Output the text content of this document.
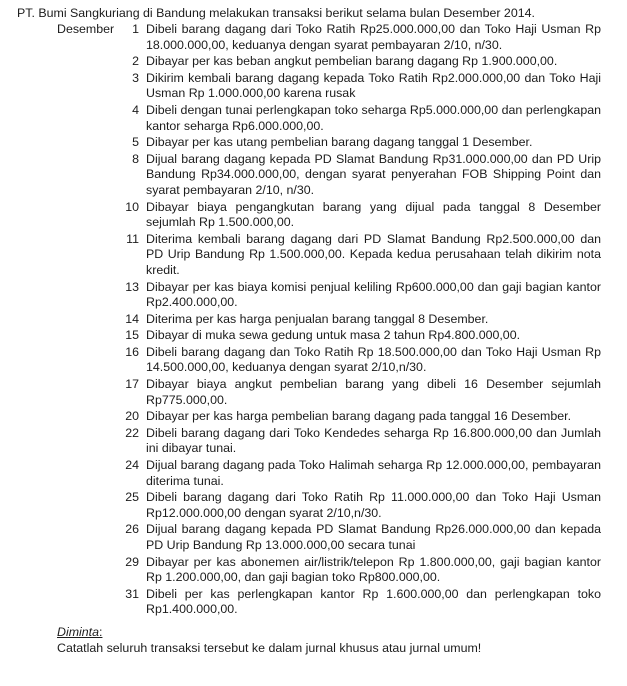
PT. Bumi Sangkuriang di Bandung melakukan transaksi berikut selama bulan Desember 2014.
Desember	1 Dibeli barang dagang dari Toko Ratih Rp25.000.000,00 dan Toko Haji Usman Rp 18.000.000,00, keduanya dengan syarat pembayaran 2/10, n/30.
2 Dibayar per kas beban angkut pembelian barang dagang Rp 1.900.000,00.
3 Dikirim kembali barang dagang kepada Toko Ratih Rp2.000.000,00 dan Toko Haji Usman Rp 1.000.000,00 karena rusak
4 Dibeli dengan tunai perlengkapan toko seharga Rp5.000.000,00 dan perlengkapan kantor seharga Rp6.000.000,00.
5 Dibayar per kas utang pembelian barang dagang tanggal 1 Desember.
8 Dijual barang dagang kepada PD Slamat Bandung Rp31.000.000,00 dan PD Urip Bandung Rp34.000.000,00, dengan syarat penyerahan FOB Shipping Point dan syarat pembayaran 2/10, n/30.
10 Dibayar biaya pengangkutan barang yang dijual pada tanggal 8 Desember sejumlah Rp 1.500.000,00.
11 Diterima kembali barang dagang dari PD Slamat Bandung Rp2.500.000,00 dan PD Urip Bandung Rp 1.500.000,00. Kepada kedua perusahaan telah dikirim nota kredit.
13 Dibayar per kas biaya komisi penjual keliling Rp600.000,00 dan gaji bagian kantor Rp2.400.000,00.
14 Diterima per kas harga penjualan barang tanggal 8 Desember.
15 Dibayar di muka sewa gedung untuk masa 2 tahun Rp4.800.000,00.
16 Dibeli barang dagang dan Toko Ratih Rp 18.500.000,00 dan Toko Haji Usman Rp 14.500.000,00, keduanya dengan syarat 2/10,n/30.
17 Dibayar biaya angkut pembelian barang yang dibeli 16 Desember sejumlah Rp775.000,00.
20 Dibayar per kas harga pembelian barang dagang pada tanggal 16 Desember.
22 Dibeli barang dagang dari Toko Kendedes seharga Rp 16.800.000,00 dan Jumlah ini dibayar tunai.
24 Dijual barang dagang pada Toko Halimah seharga Rp 12.000.000,00, pembayaran diterima tunai.
25 Dibeli barang dagang dari Toko Ratih Rp 11.000.000,00 dan Toko Haji Usman Rp12.000.000,00 dengan syarat 2/10,n/30.
26 Dijual barang dagang kepada PD Slamat Bandung Rp26.000.000,00 dan kepada PD Urip Bandung Rp 13.000.000,00 secara tunai
29 Dibayar per kas abonemen air/listrik/telepon Rp 1.800.000,00, gaji bagian kantor Rp 1.200.000,00, dan gaji bagian toko Rp800.000,00.
31 Dibeli per kas perlengkapan kantor Rp 1.600.000,00 dan perlengkapan toko Rp1.400.000,00.
Diminta:
Catatlah seluruh transaksi tersebut ke dalam jurnal khusus atau jurnal umum!
